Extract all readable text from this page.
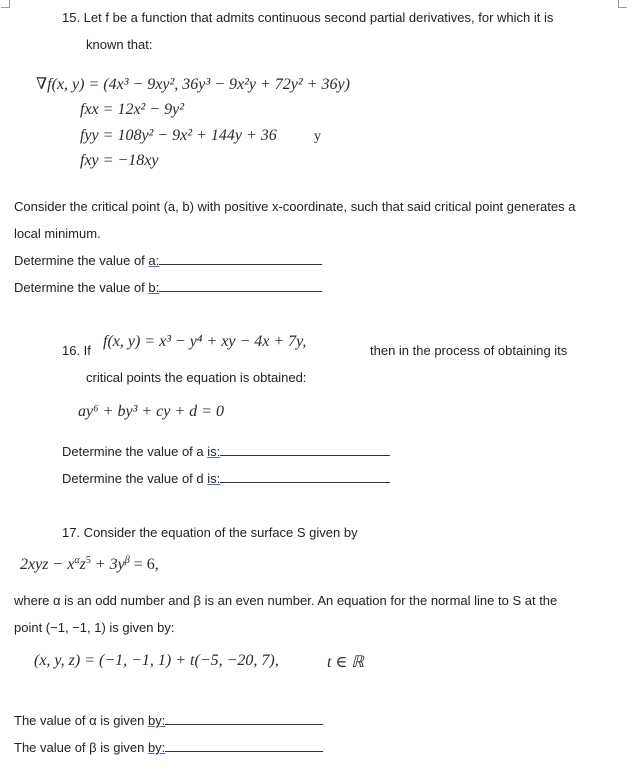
15. Let f be a function that admits continuous second partial derivatives, for which it is
known that:
∇f(x, y) = (4x³ − 9xy², 36y³ − 9x²y + 72y² + 36y)
fxx = 12x² − 9y²
fyy = 108y² − 9x² + 144y + 36	y
fxy = −18xy
Consider the critical point (a, b) with positive x-coordinate, such that said critical point generates a
local minimum.
Determine the value of a:
Determine the value of b:
16. If
f(x, y) = x³ − y⁴ + xy − 4x + 7y,
then in the process of obtaining its
critical points the equation is obtained:
ay⁶ + by³ + cy + d = 0
Determine the value of a is:
Determine the value of d is:
17. Consider the equation of the surface S given by
$2xyz - x^\alpha z^5 + 3y^\beta = 6$,
where α is an odd number and β is an even number. An equation for the normal line to S at the
point (−1, −1, 1) is given by:
(x, y, z) = (−1, −1, 1) + t(−5, −20, 7),	t ∈ ℝ
The value of α is given by:
The value of β is given by:
